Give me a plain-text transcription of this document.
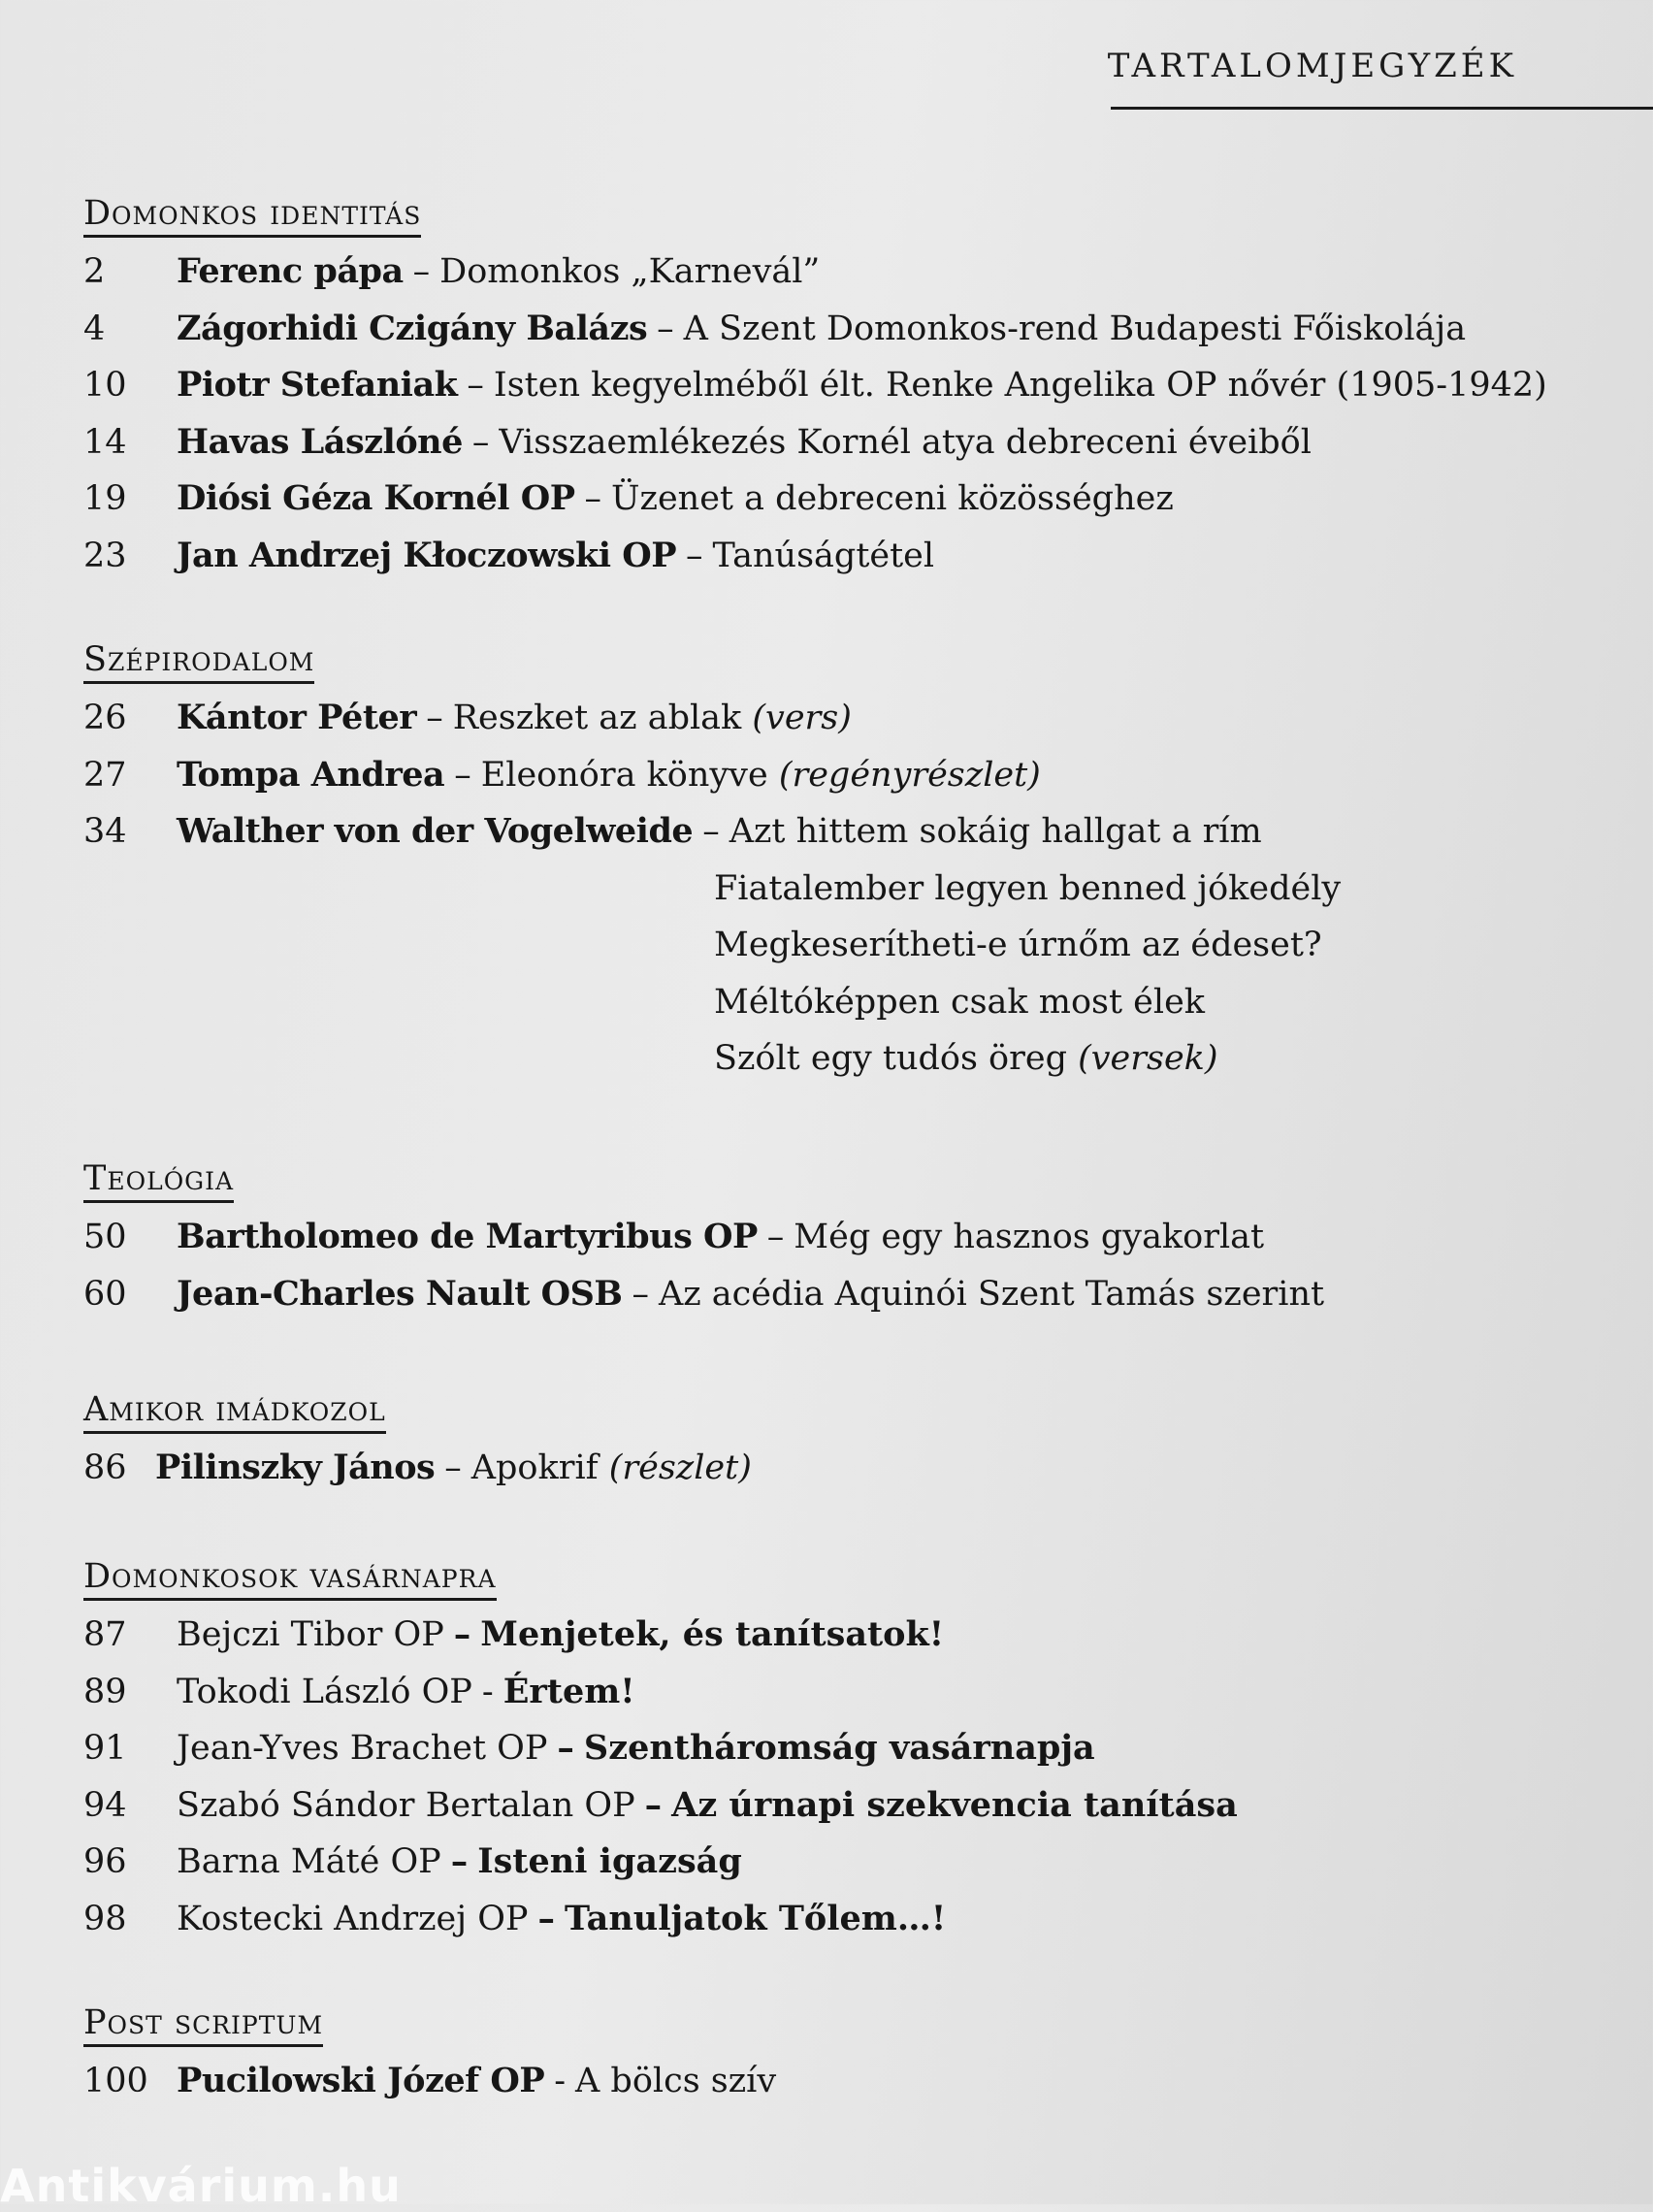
TARTALOMJEGYZÉK
Domonkos identitás
2	Ferenc pápa – Domonkos „Karnevál”
4	Zágorhidi Czigány Balázs – A Szent Domonkos-rend Budapesti Főiskolája
10	Piotr Stefaniak – Isten kegyelméből élt. Renke Angelika OP nővér (1905-1942)
14	Havas Lászlóné – Visszaemlékezés Kornél atya debreceni éveiből
19	Diósi Géza Kornél OP – Üzenet a debreceni közösséghez
23	Jan Andrzej Kłoczowski OP – Tanúságtétel
Szépirodalom
26	Kántor Péter – Reszket az ablak
(vers)
27	Tompa Andrea – Eleonóra könyve
(regényrészlet)
34	Walther von der Vogelweide – Azt hittem sokáig hallgat a rím
Fiatalember legyen benned jókedély
Megkeserítheti-e úrnőm az édeset?
Méltóképpen csak most élek
Szólt egy tudós öreg (versek)
Teológia
50	Bartholomeo de Martyribus OP – Még egy hasznos gyakorlat
60	Jean-Charles Nault OSB – Az acédia Aquinói Szent Tamás szerint
Amikor imádkozol
86 Pilinszky János – Apokrif
(részlet)
Domonkosok vasárnapra
87	Bejczi Tibor OP – Menjetek, és tanítsatok!
89	Tokodi László OP - Értem!
91	Jean-Yves Brachet OP – Szentháromság vasárnapja
94	Szabó Sándor Bertalan OP – Az úrnapi szekvencia tanítása
96	Barna Máté OP – Isteni igazság
98	Kostecki Andrzej OP – Tanuljatok Tőlem…!
Post scriptum
100 Pucilowski Józef OP - A bölcs szív
Antikvárium.hu
